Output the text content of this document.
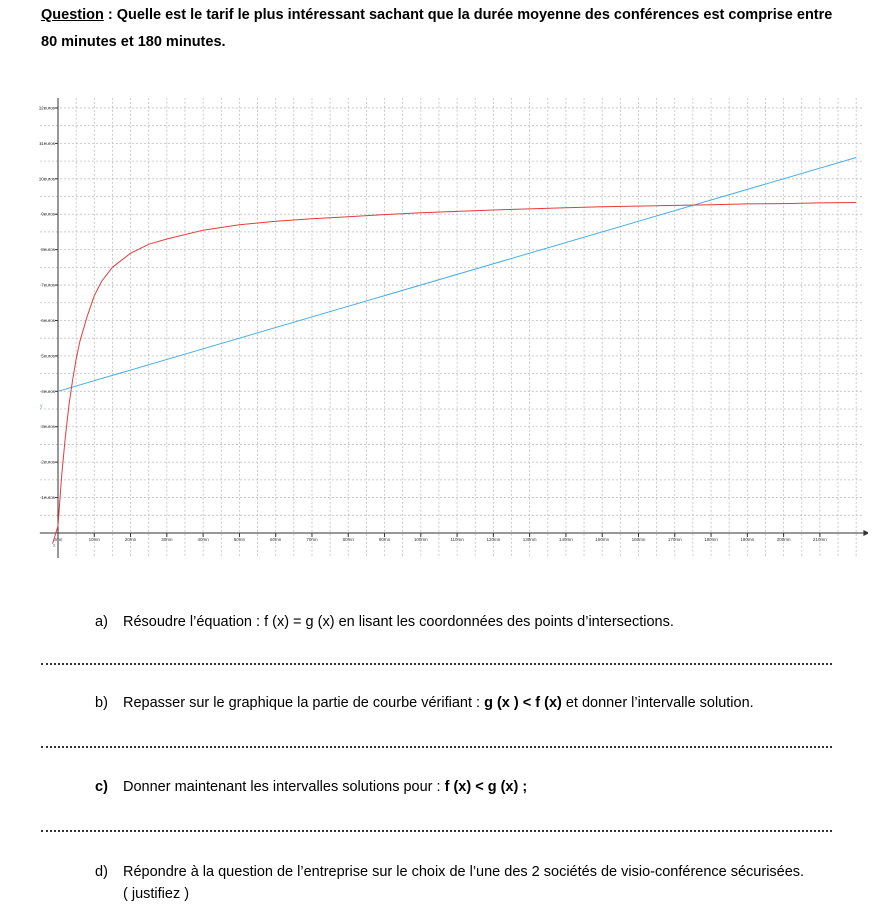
Question : Quelle est le tarif le plus intéressant sachant que la durée moyenne des conférences est comprise entre 80 minutes et 180 minutes.
0mn	10mn	20mn	30mn	40mn	50mn	60mn	70mn	80mn	90mn	100mn	110mn	120mn	130mn	140mn	150mn	160mn	170mn	180mn	190mn	200mn	210mn
1euros
2euros
3euros
4euros
5euros
6euros
7euros
8euros
9euros
10euros
11euros
12euros
x
y
a) Résoudre l’équation : f (x) = g (x) en lisant les coordonnées des points d’intersections.
b) Repasser sur le graphique la partie de courbe vérifiant : g (x ) < f (x) et donner l’intervalle solution.
c) Donner maintenant les intervalles solutions pour : f (x) < g (x) ;
d) Répondre à la question de l’entreprise sur le choix de l’une des 2 sociétés de visio-conférence sécurisées.
( justifiez )
